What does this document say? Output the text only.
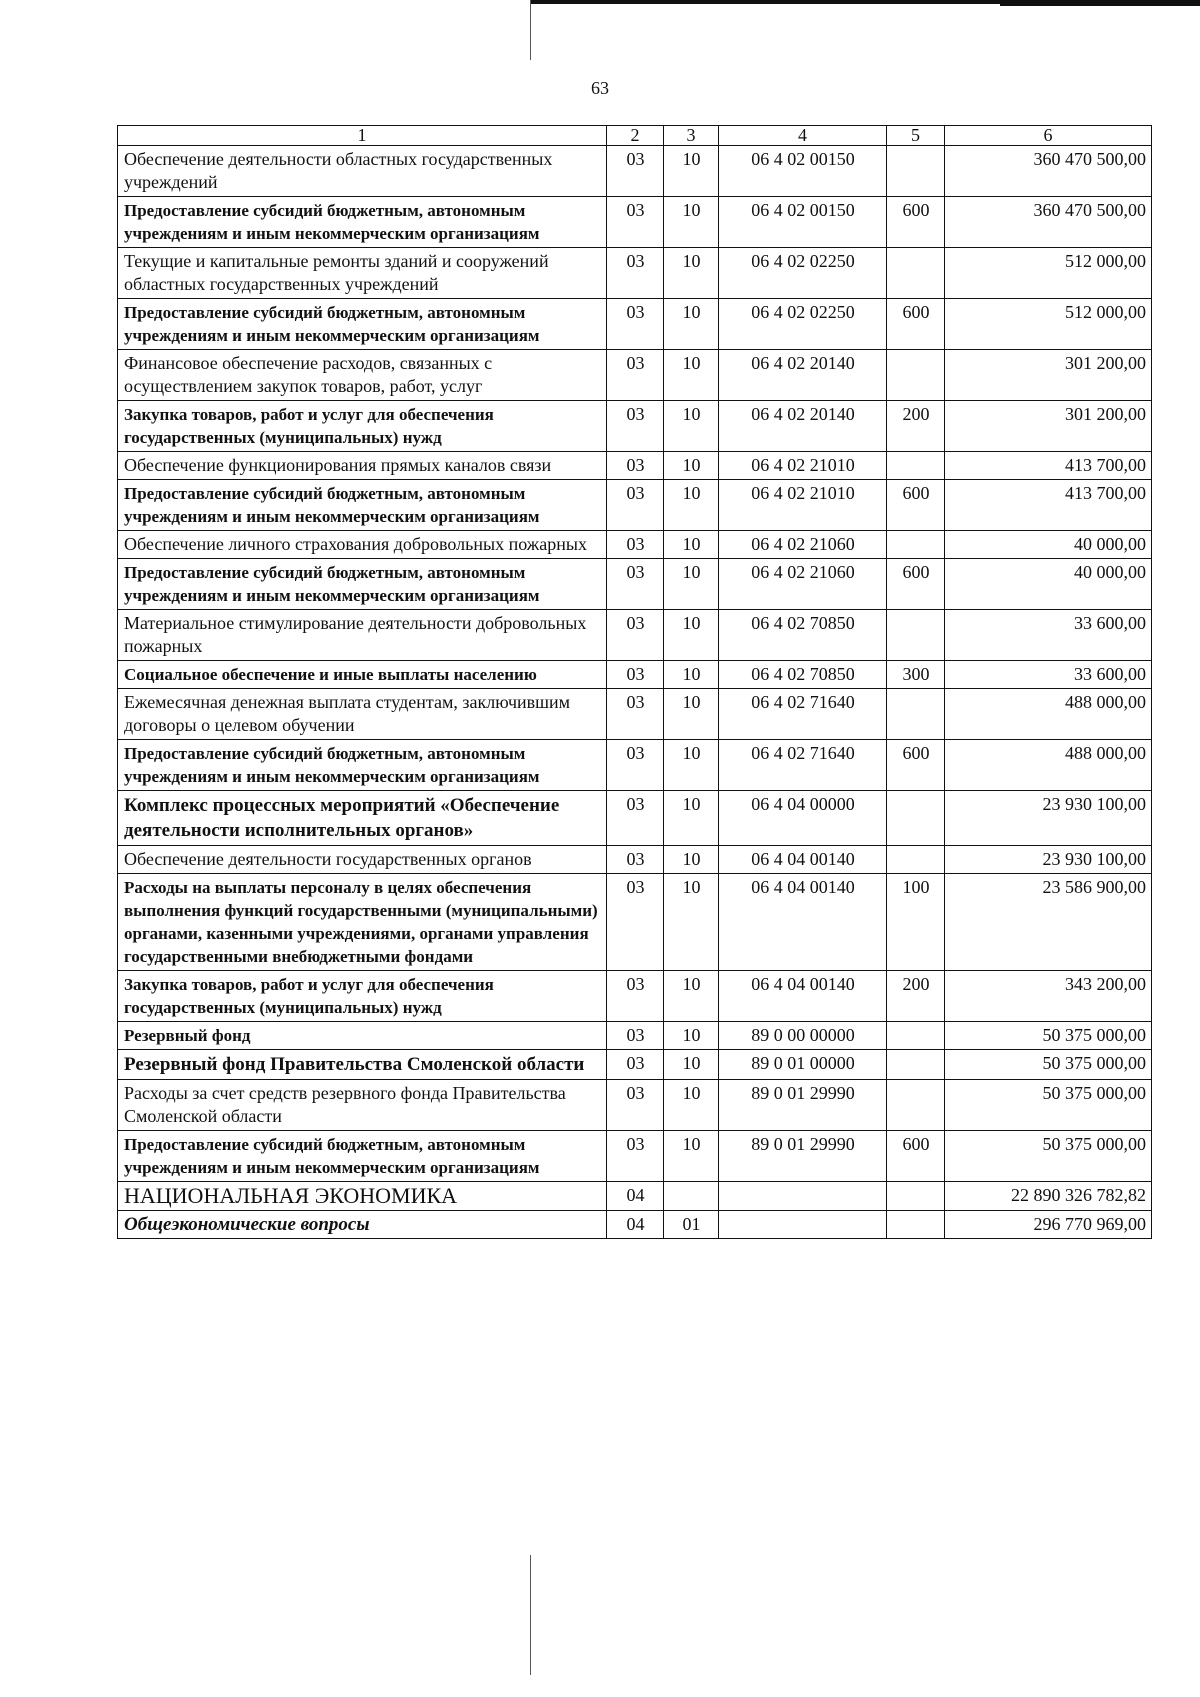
63
1	2	3	4	5	6
Обеспечение деятельности областных государственных учреждений	03	10	06 4 02 00150		360 470 500,00
Предоставление субсидий бюджетным, автономным учреждениям и иным некоммерческим организациям	03	10	06 4 02 00150	600	360 470 500,00
Текущие и капитальные ремонты зданий и сооружений областных государственных учреждений	03	10	06 4 02 02250		512 000,00
Предоставление субсидий бюджетным, автономным учреждениям и иным некоммерческим организациям	03	10	06 4 02 02250	600	512 000,00
Финансовое обеспечение расходов, связанных с осуществлением закупок товаров, работ, услуг	03	10	06 4 02 20140		301 200,00
Закупка товаров, работ и услуг для обеспечения государственных (муниципальных) нужд	03	10	06 4 02 20140	200	301 200,00
Обеспечение функционирования прямых каналов связи	03	10	06 4 02 21010		413 700,00
Предоставление субсидий бюджетным, автономным учреждениям и иным некоммерческим организациям	03	10	06 4 02 21010	600	413 700,00
Обеспечение личного страхования добровольных пожарных	03	10	06 4 02 21060		40 000,00
Предоставление субсидий бюджетным, автономным учреждениям и иным некоммерческим организациям	03	10	06 4 02 21060	600	40 000,00
Материальное стимулирование деятельности добровольных пожарных	03	10	06 4 02 70850		33 600,00
Социальное обеспечение и иные выплаты населению	03	10	06 4 02 70850	300	33 600,00
Ежемесячная денежная выплата студентам, заключившим договоры о целевом обучении	03	10	06 4 02 71640		488 000,00
Предоставление субсидий бюджетным, автономным учреждениям и иным некоммерческим организациям	03	10	06 4 02 71640	600	488 000,00
Комплекс процессных мероприятий «Обеспечение деятельности исполнительных органов»	03	10	06 4 04 00000		23 930 100,00
Обеспечение деятельности государственных органов	03	10	06 4 04 00140		23 930 100,00
Расходы на выплаты персоналу в целях обеспечения выполнения функций государственными (муниципальными) органами, казенными учреждениями, органами управления государственными внебюджетными фондами	03	10	06 4 04 00140	100	23 586 900,00
Закупка товаров, работ и услуг для обеспечения государственных (муниципальных) нужд	03	10	06 4 04 00140	200	343 200,00
Резервный фонд	03	10	89 0 00 00000		50 375 000,00
Резервный фонд Правительства Смоленской области	03	10	89 0 01 00000		50 375 000,00
Расходы за счет средств резервного фонда Правительства Смоленской области	03	10	89 0 01 29990		50 375 000,00
Предоставление субсидий бюджетным, автономным учреждениям и иным некоммерческим организациям	03	10	89 0 01 29990	600	50 375 000,00
НАЦИОНАЛЬНАЯ ЭКОНОМИКА	04				22 890 326 782,82
Общеэкономические вопросы	04	01			296 770 969,00
